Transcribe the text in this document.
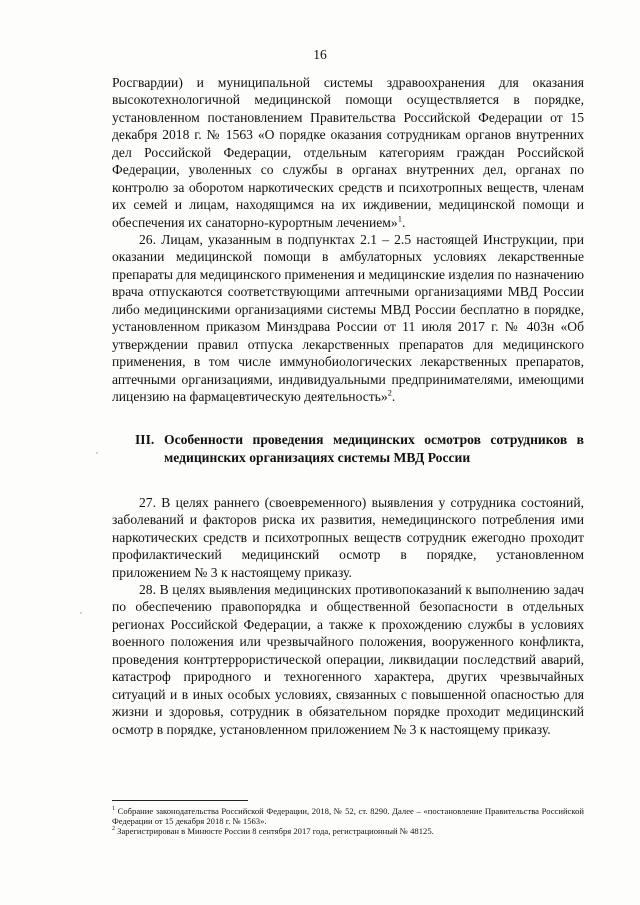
16

Росгвардии) и муниципальной системы здравоохранения для оказания высокотехнологичной медицинской помощи осуществляется в порядке, установленном постановлением Правительства Российской Федерации от 15 декабря 2018 г. № 1563 «О порядке оказания сотрудникам органов внутренних дел Российской Федерации, отдельным категориям граждан Российской Федерации, уволенных со службы в органах внутренних дел, органах по контролю за оборотом наркотических средств и психотропных веществ, членам их семей и лицам, находящимся на их иждивении, медицинской помощи и обеспечения их санаторно-курортным лечением»$^1$.

26. Лицам, указанным в подпунктах 2.1 – 2.5 настоящей Инструкции, при оказании медицинской помощи в амбулаторных условиях лекарственные препараты для медицинского применения и медицинские изделия по назначению врача отпускаются соответствующими аптечными организациями МВД России либо медицинскими организациями системы МВД России бесплатно в порядке, установленном приказом Минздрава России от 11 июля 2017 г. № 403н «Об утверждении правил отпуска лекарственных препаратов для медицинского применения, в том числе иммунобиологических лекарственных препаратов, аптечными организациями, индивидуальными предпринимателями, имеющими лицензию на фармацевтическую деятельность»$^2$.

III. Особенности проведения медицинских осмотров сотрудников в медицинских организациях системы МВД России

27. В целях раннего (своевременного) выявления у сотрудника состояний, заболеваний и факторов риска их развития, немедицинского потребления ими наркотических средств и психотропных веществ сотрудник ежегодно проходит профилактический медицинский осмотр в порядке, установленном приложением № 3 к настоящему приказу.

28. В целях выявления медицинских противопоказаний к выполнению задач по обеспечению правопорядка и общественной безопасности в отдельных регионах Российской Федерации, а также к прохождению службы в условиях военного положения или чрезвычайного положения, вооруженного конфликта, проведения контртеррористической операции, ликвидации последствий аварий, катастроф природного и техногенного характера, других чрезвычайных ситуаций и в иных особых условиях, связанных с повышенной опасностью для жизни и здоровья, сотрудник в обязательном порядке проходит медицинский осмотр в порядке, установленном приложением № 3 к настоящему приказу.

$^1$ Собрание законодательства Российской Федерации, 2018, № 52, ст. 8290. Далее – «постановление Правительства Российской Федерации от 15 декабря 2018 г. № 1563».

$^2$ Зарегистрирован в Минюсте России 8 сентября 2017 года, регистрационный № 48125.
